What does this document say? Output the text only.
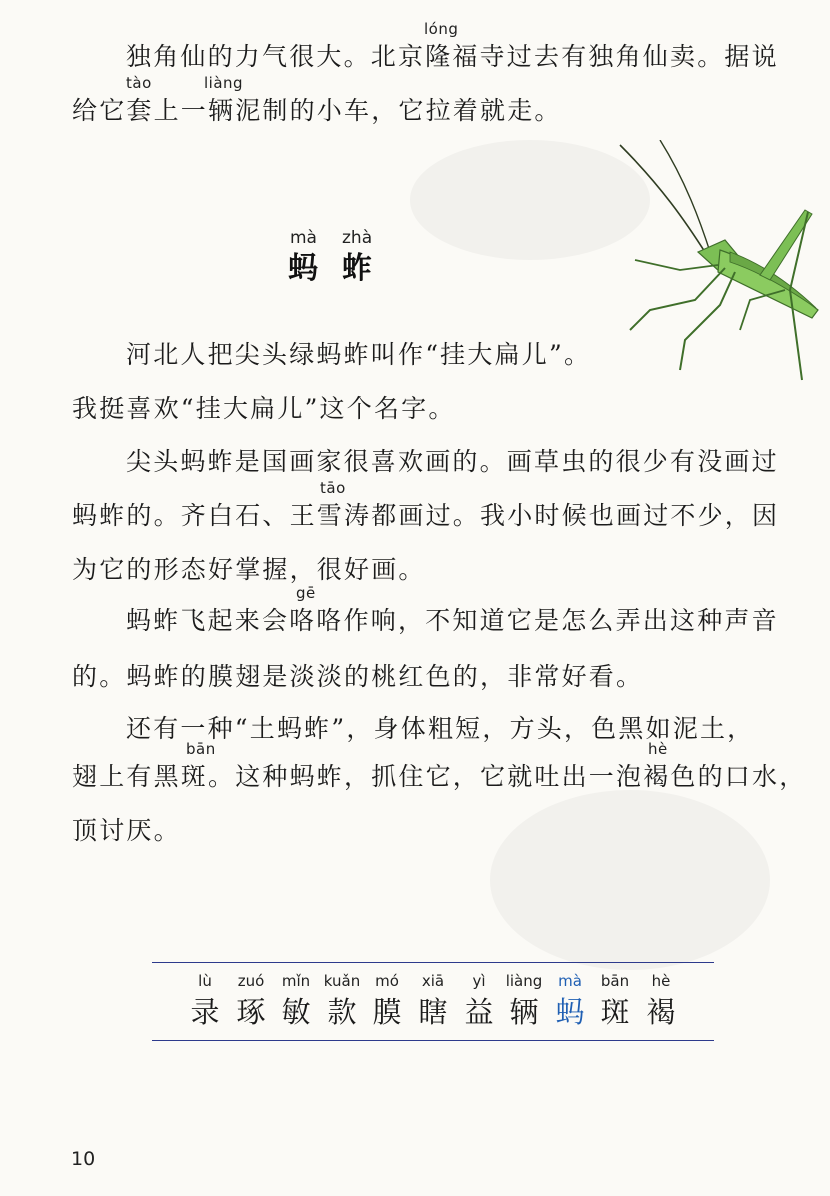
lóng
独角仙的力气很大。北京隆福寺过去有独角仙卖。据说
tào	liàng
给它套上一辆泥制的小车，它拉着就走。
mà zhà
蚂 蚱
河北人把尖头绿蚂蚱叫作“挂大扁儿”。
我挺喜欢“挂大扁儿”这个名字。
尖头蚂蚱是国画家很喜欢画的。画草虫的很少有没画过
tāo
蚂蚱的。齐白石、王雪涛都画过。我小时候也画过不少，因
为它的形态好掌握，很好画。
gē
蚂蚱飞起来会咯咯作响，不知道它是怎么弄出这种声音
的。蚂蚱的膜翅是淡淡的桃红色的，非常好看。
还有一种“土蚂蚱”，身体粗短，方头，色黑如泥土，
bān	hè
翅上有黑斑。这种蚂蚱，抓住它，它就吐出一泡褐色的口水，
顶讨厌。
lù
录
zuó
琢
mǐn
敏
kuǎn
款
mó
膜
xiā
瞎
yì
益
liàng
辆
mà
蚂
bān
斑
hè
褐
10
